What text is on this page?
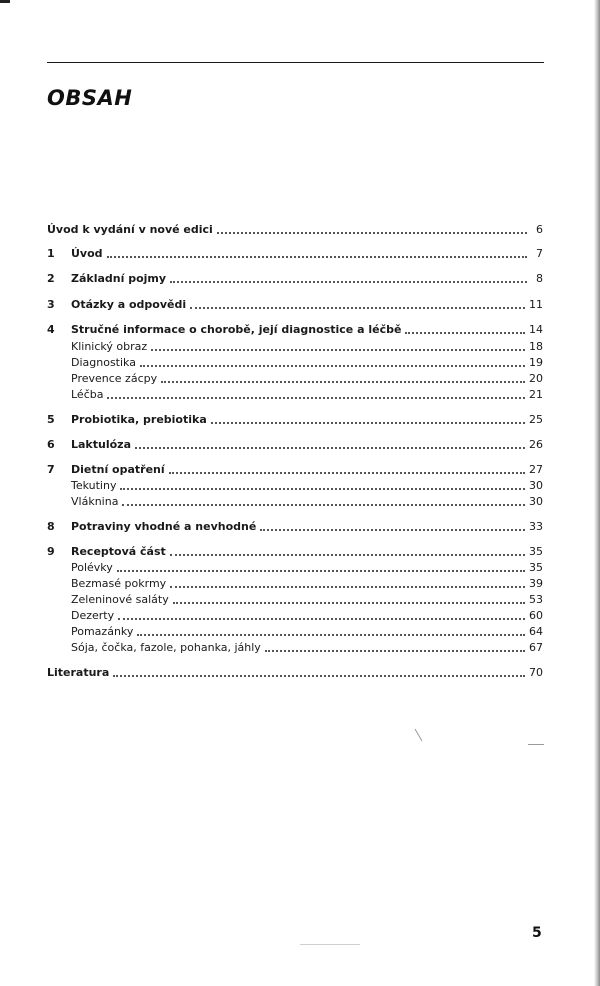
OBSAH
Úvod k vydání v nové edici	6
1	Úvod	7
2	Základní pojmy	8
3	Otázky a odpovědi	11
4	Stručné informace o chorobě, její diagnostice a léčbě	14
Klinický obraz	18
Diagnostika	19
Prevence zácpy	20
Léčba	21
5	Probiotika, prebiotika	25
6	Laktulóza	26
7	Dietní opatření	27
Tekutiny	30
Vláknina	30
8	Potraviny vhodné a nevhodné	33
9	Receptová část	35
Polévky	35
Bezmasé pokrmy	39
Zeleninové saláty	53
Dezerty	60
Pomazánky	64
Sója, čočka, fazole, pohanka, jáhly	67
Literatura	70
5
